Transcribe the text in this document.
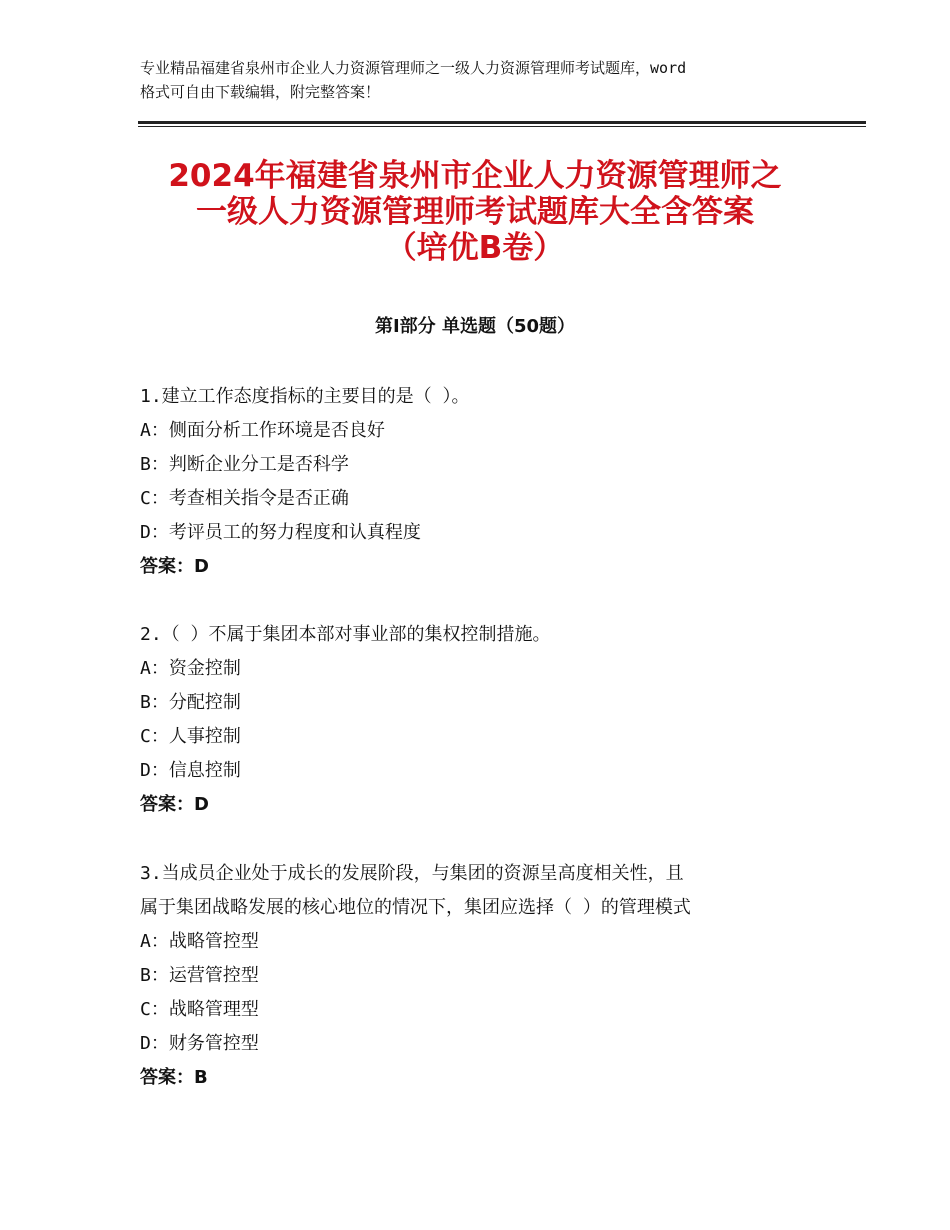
专业精品福建省泉州市企业人力资源管理师之一级人力资源管理师考试题库，word
格式可自由下载编辑，附完整答案！
2024年福建省泉州市企业人力资源管理师之
一级人力资源管理师考试题库大全含答案
（培优B卷）
第Ⅰ部分 单选题（50题）
1.建立工作态度指标的主要目的是（ ）。
A：侧面分析工作环境是否良好
B：判断企业分工是否科学
C：考查相关指令是否正确
D：考评员工的努力程度和认真程度
答案：D
2.（ ）不属于集团本部对事业部的集权控制措施。
A：资金控制
B：分配控制
C：人事控制
D：信息控制
答案：D
3.当成员企业处于成长的发展阶段，与集团的资源呈高度相关性，且
属于集团战略发展的核心地位的情况下，集团应选择（ ）的管理模式
A：战略管控型
B：运营管控型
C：战略管理型
D：财务管控型
答案：B
